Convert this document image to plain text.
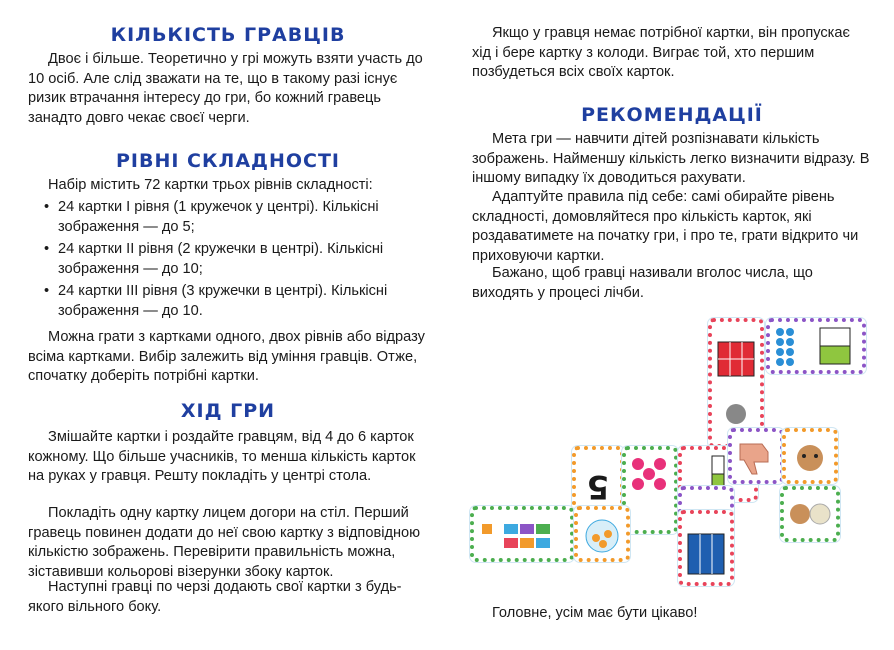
КІЛЬКІСТЬ ГРАВЦІВ

Двоє і більше. Теоретично у грі можуть взяти участь до 10 осіб. Але слід зважати на те, що в такому разі існує ризик втрачання інтересу до гри, бо кожний гравець занадто довго чекає своєї черги.

РІВНІ СКЛАДНОСТІ

Набір містить 72 картки трьох рівнів складності:

• 24 картки І рівня (1 кружечок у центрі). Кількісні зображення — до 5;
• 24 картки ІІ рівня (2 кружечки в центрі). Кількісні зображення — до 10;
• 24 картки ІІІ рівня (3 кружечки в центрі). Кількісні зображення — до 10.

Можна грати з картками одного, двох рівнів або відразу всіма картками. Вибір залежить від уміння гравців. Отже, спочатку доберіть потрібні картки.

ХІД ГРИ

Змішайте картки і роздайте гравцям, від 4 до 6 карток кожному. Що більше учасників, то менша кількість карток на руках у гравця. Решту покладіть у центрі стола.

Покладіть одну картку лицем догори на стіл. Перший гравець повинен додати до неї свою картку з відповідною кількістю зображень. Перевірити правильність можна, зіставивши кольорові візерунки збоку карток.

Наступні гравці по черзі додають свої картки з будь-якого вільного боку.

Якщо у гравця немає потрібної картки, він пропускає хід і бере картку з колоди. Виграє той, хто першим позбудеться всіх своїх карток.

РЕКОМЕНДАЦІЇ

Мета гри — навчити дітей розпізнавати кількість зображень. Найменшу кількість легко визначити відразу. В іншому випадку їх доводиться рахувати.

Адаптуйте правила під себе: самі обирайте рівень складності, домовляйтеся про кількість карток, які роздаватимете на початку гри, і про те, грати відкрито чи приховуючи картки.

Бажано, щоб гравці називали вголос числа, що виходять у процесі лічби.

Головне, усім має бути цікаво!

5
